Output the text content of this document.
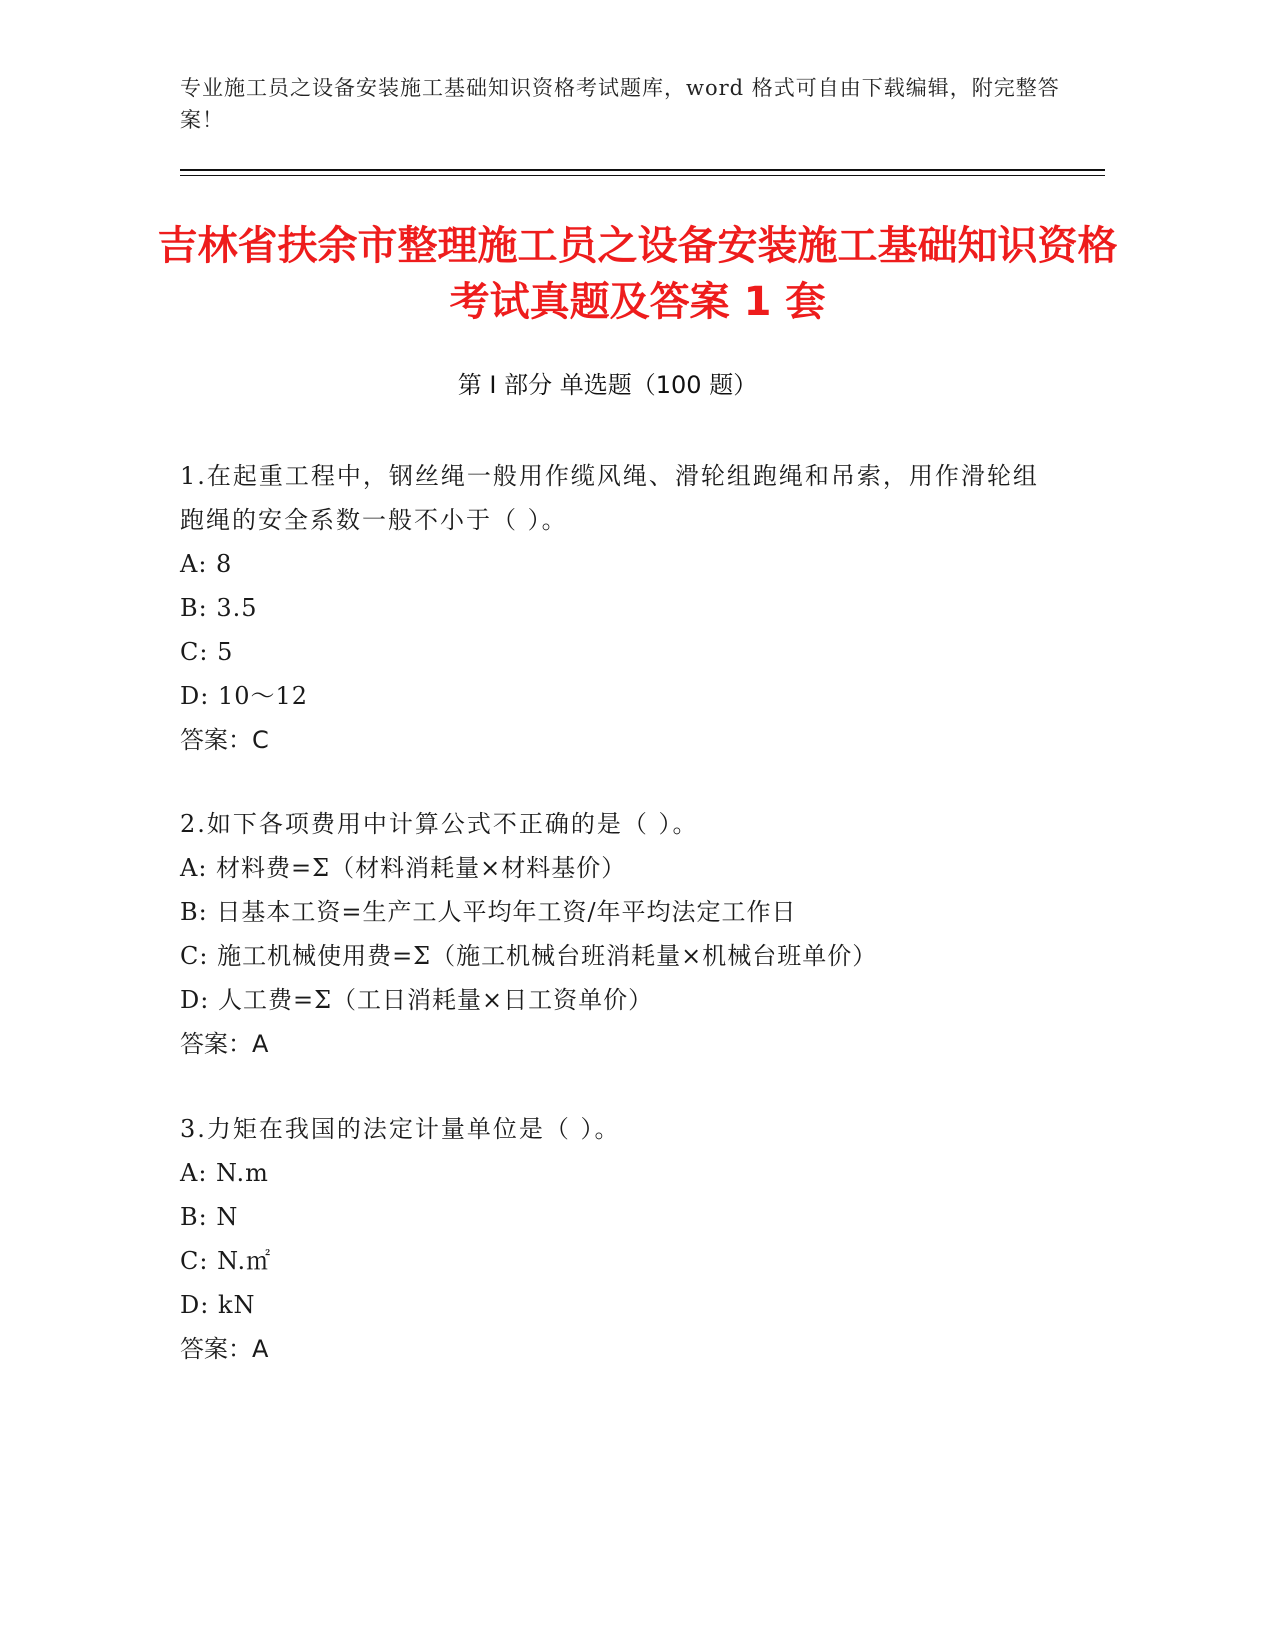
专业施工员之设备安装施工基础知识资格考试题库，word 格式可自由下载编辑，附完整答案！
吉林省扶余市整理施工员之设备安装施工基础知识资格考试真题及答案 1 套
第 I 部分 单选题（100 题）

1.在起重工程中，钢丝绳一般用作缆风绳、滑轮组跑绳和吊索，用作滑轮组跑绳的安全系数一般不小于（ ）。

A: 8

B: 3.5

C: 5

D: 10～12

答案：C

2.如下各项费用中计算公式不正确的是（ ）。

A: 材料费=Σ（材料消耗量×材料基价）

B: 日基本工资=生产工人平均年工资/年平均法定工作日

C: 施工机械使用费=Σ（施工机械台班消耗量×机械台班单价）

D: 人工费=Σ（工日消耗量×日工资单价）

答案：A

3.力矩在我国的法定计量单位是（ ）。

A: N.m

B: N

C: N.㎡

D: kN

答案：A
